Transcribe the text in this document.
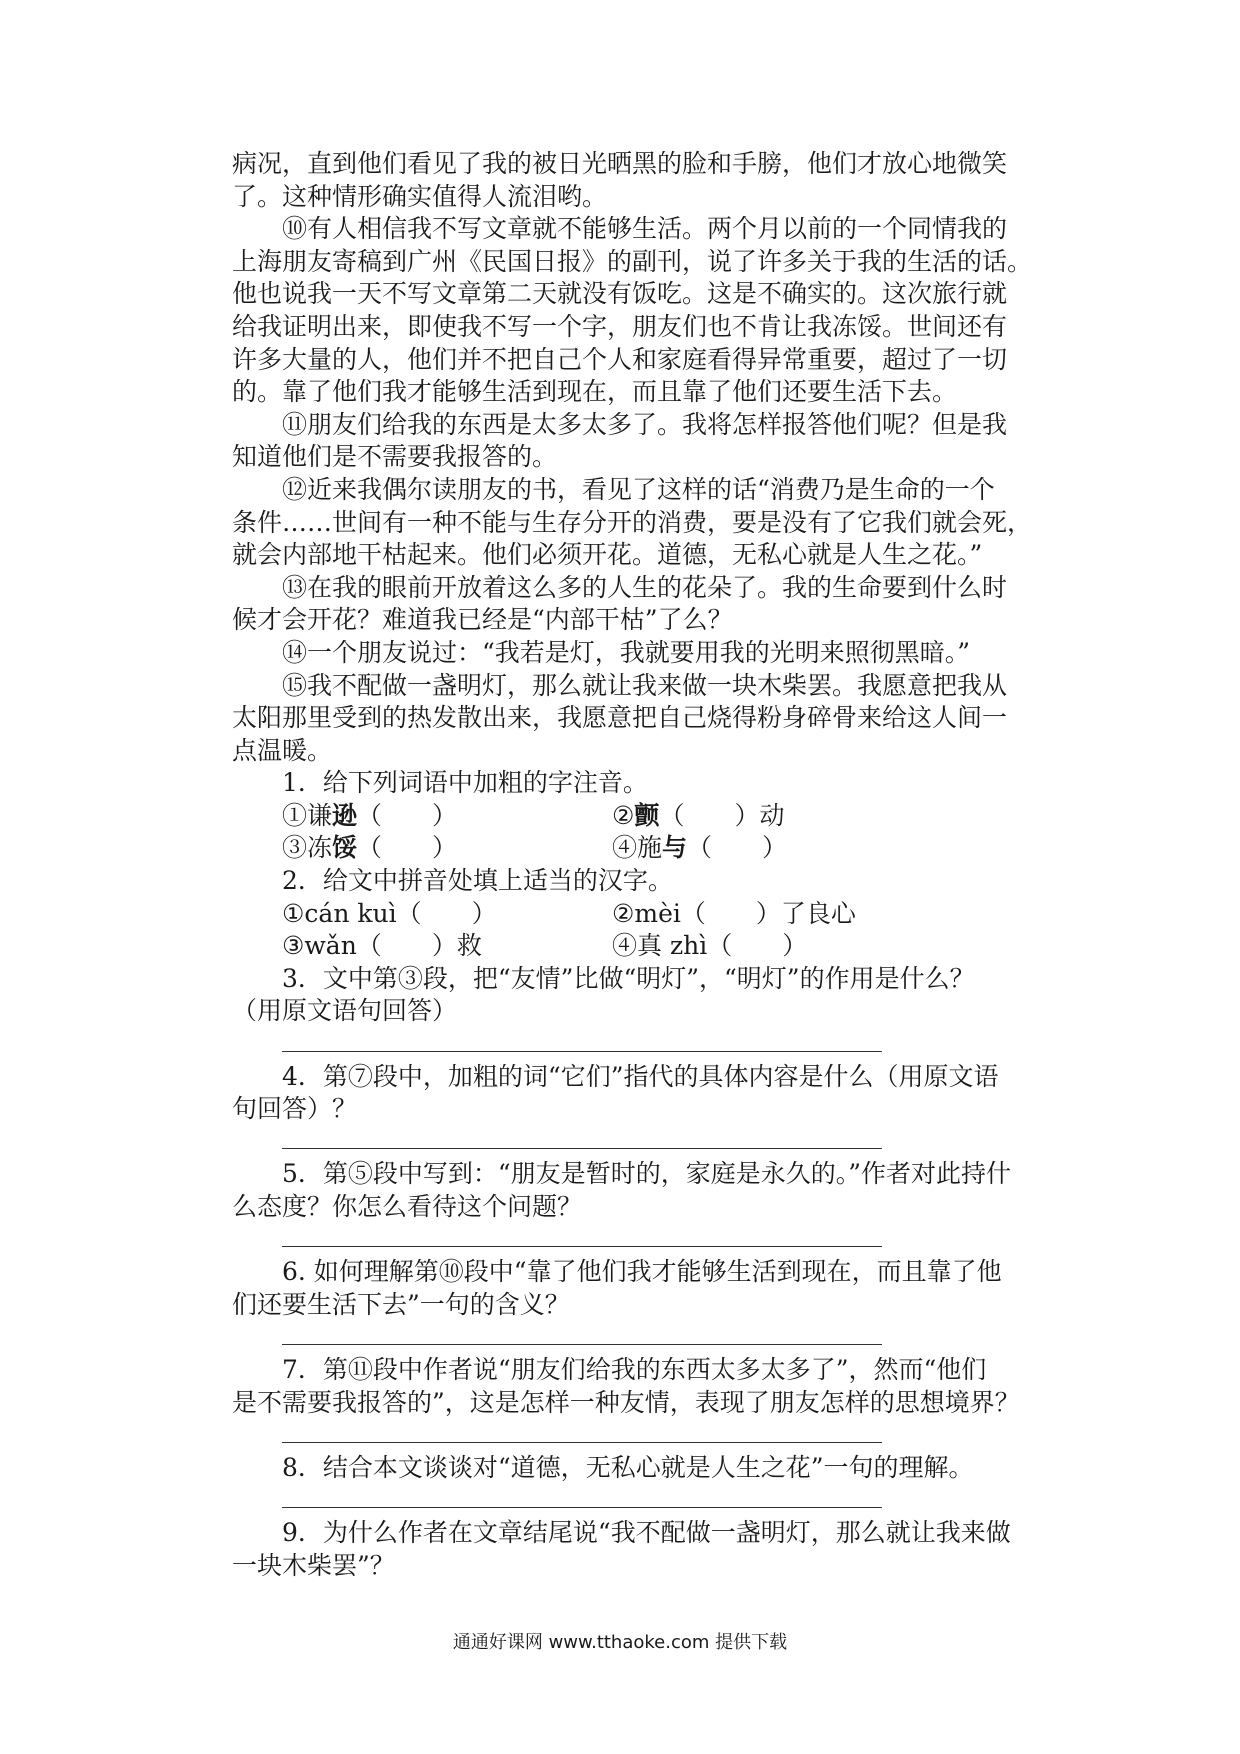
病况，直到他们看见了我的被日光晒黑的脸和手膀，他们才放心地微笑
了。这种情形确实值得人流泪哟。
⑩有人相信我不写文章就不能够生活。两个月以前的一个同情我的
上海朋友寄稿到广州《民国日报》的副刊，说了许多关于我的生活的话。
他也说我一天不写文章第二天就没有饭吃。这是不确实的。这次旅行就
给我证明出来，即使我不写一个字，朋友们也不肯让我冻馁。世间还有
许多大量的人，他们并不把自己个人和家庭看得异常重要，超过了一切
的。靠了他们我才能够生活到现在，而且靠了他们还要生活下去。
⑪朋友们给我的东西是太多太多了。我将怎样报答他们呢？但是我
知道他们是不需要我报答的。
⑫近来我偶尔读朋友的书，看见了这样的话“消费乃是生命的一个
条件……世间有一种不能与生存分开的消费，要是没有了它我们就会死，
就会内部地干枯起来。他们必须开花。道德，无私心就是人生之花。”
⑬在我的眼前开放着这么多的人生的花朵了。我的生命要到什么时
候才会开花？难道我已经是“内部干枯”了么？
⑭一个朋友说过：“我若是灯，我就要用我的光明来照彻黑暗。”
⑮我不配做一盏明灯，那么就让我来做一块木柴罢。我愿意把我从
太阳那里受到的热发散出来，我愿意把自己烧得粉身碎骨来给这人间一
点温暖。
1．给下列词语中加粗的字注音。
①谦逊（　　）	②颤（　　）动
③冻馁（　　）	④施与（　　）
2．给文中拼音处填上适当的汉字。
①cán kuì（　　）	②mèi（　　）了良心
③wǎn（　　）救	④真 zhì（　　）
3．文中第③段，把“友情”比做“明灯”，“明灯”的作用是什么？
（用原文语句回答）
4．第⑦段中，加粗的词“它们”指代的具体内容是什么（用原文语
句回答）？
5．第⑤段中写到：“朋友是暂时的，家庭是永久的。”作者对此持什
么态度？你怎么看待这个问题？
6. 如何理解第⑩段中“靠了他们我才能够生活到现在，而且靠了他
们还要生活下去”一句的含义？
7．第⑪段中作者说“朋友们给我的东西太多太多了”，然而“他们
是不需要我报答的”，这是怎样一种友情，表现了朋友怎样的思想境界？
8．结合本文谈谈对“道德，无私心就是人生之花”一句的理解。
9．为什么作者在文章结尾说“我不配做一盏明灯，那么就让我来做
一块木柴罢”？
通通好课网 www.tthaoke.com 提供下载
